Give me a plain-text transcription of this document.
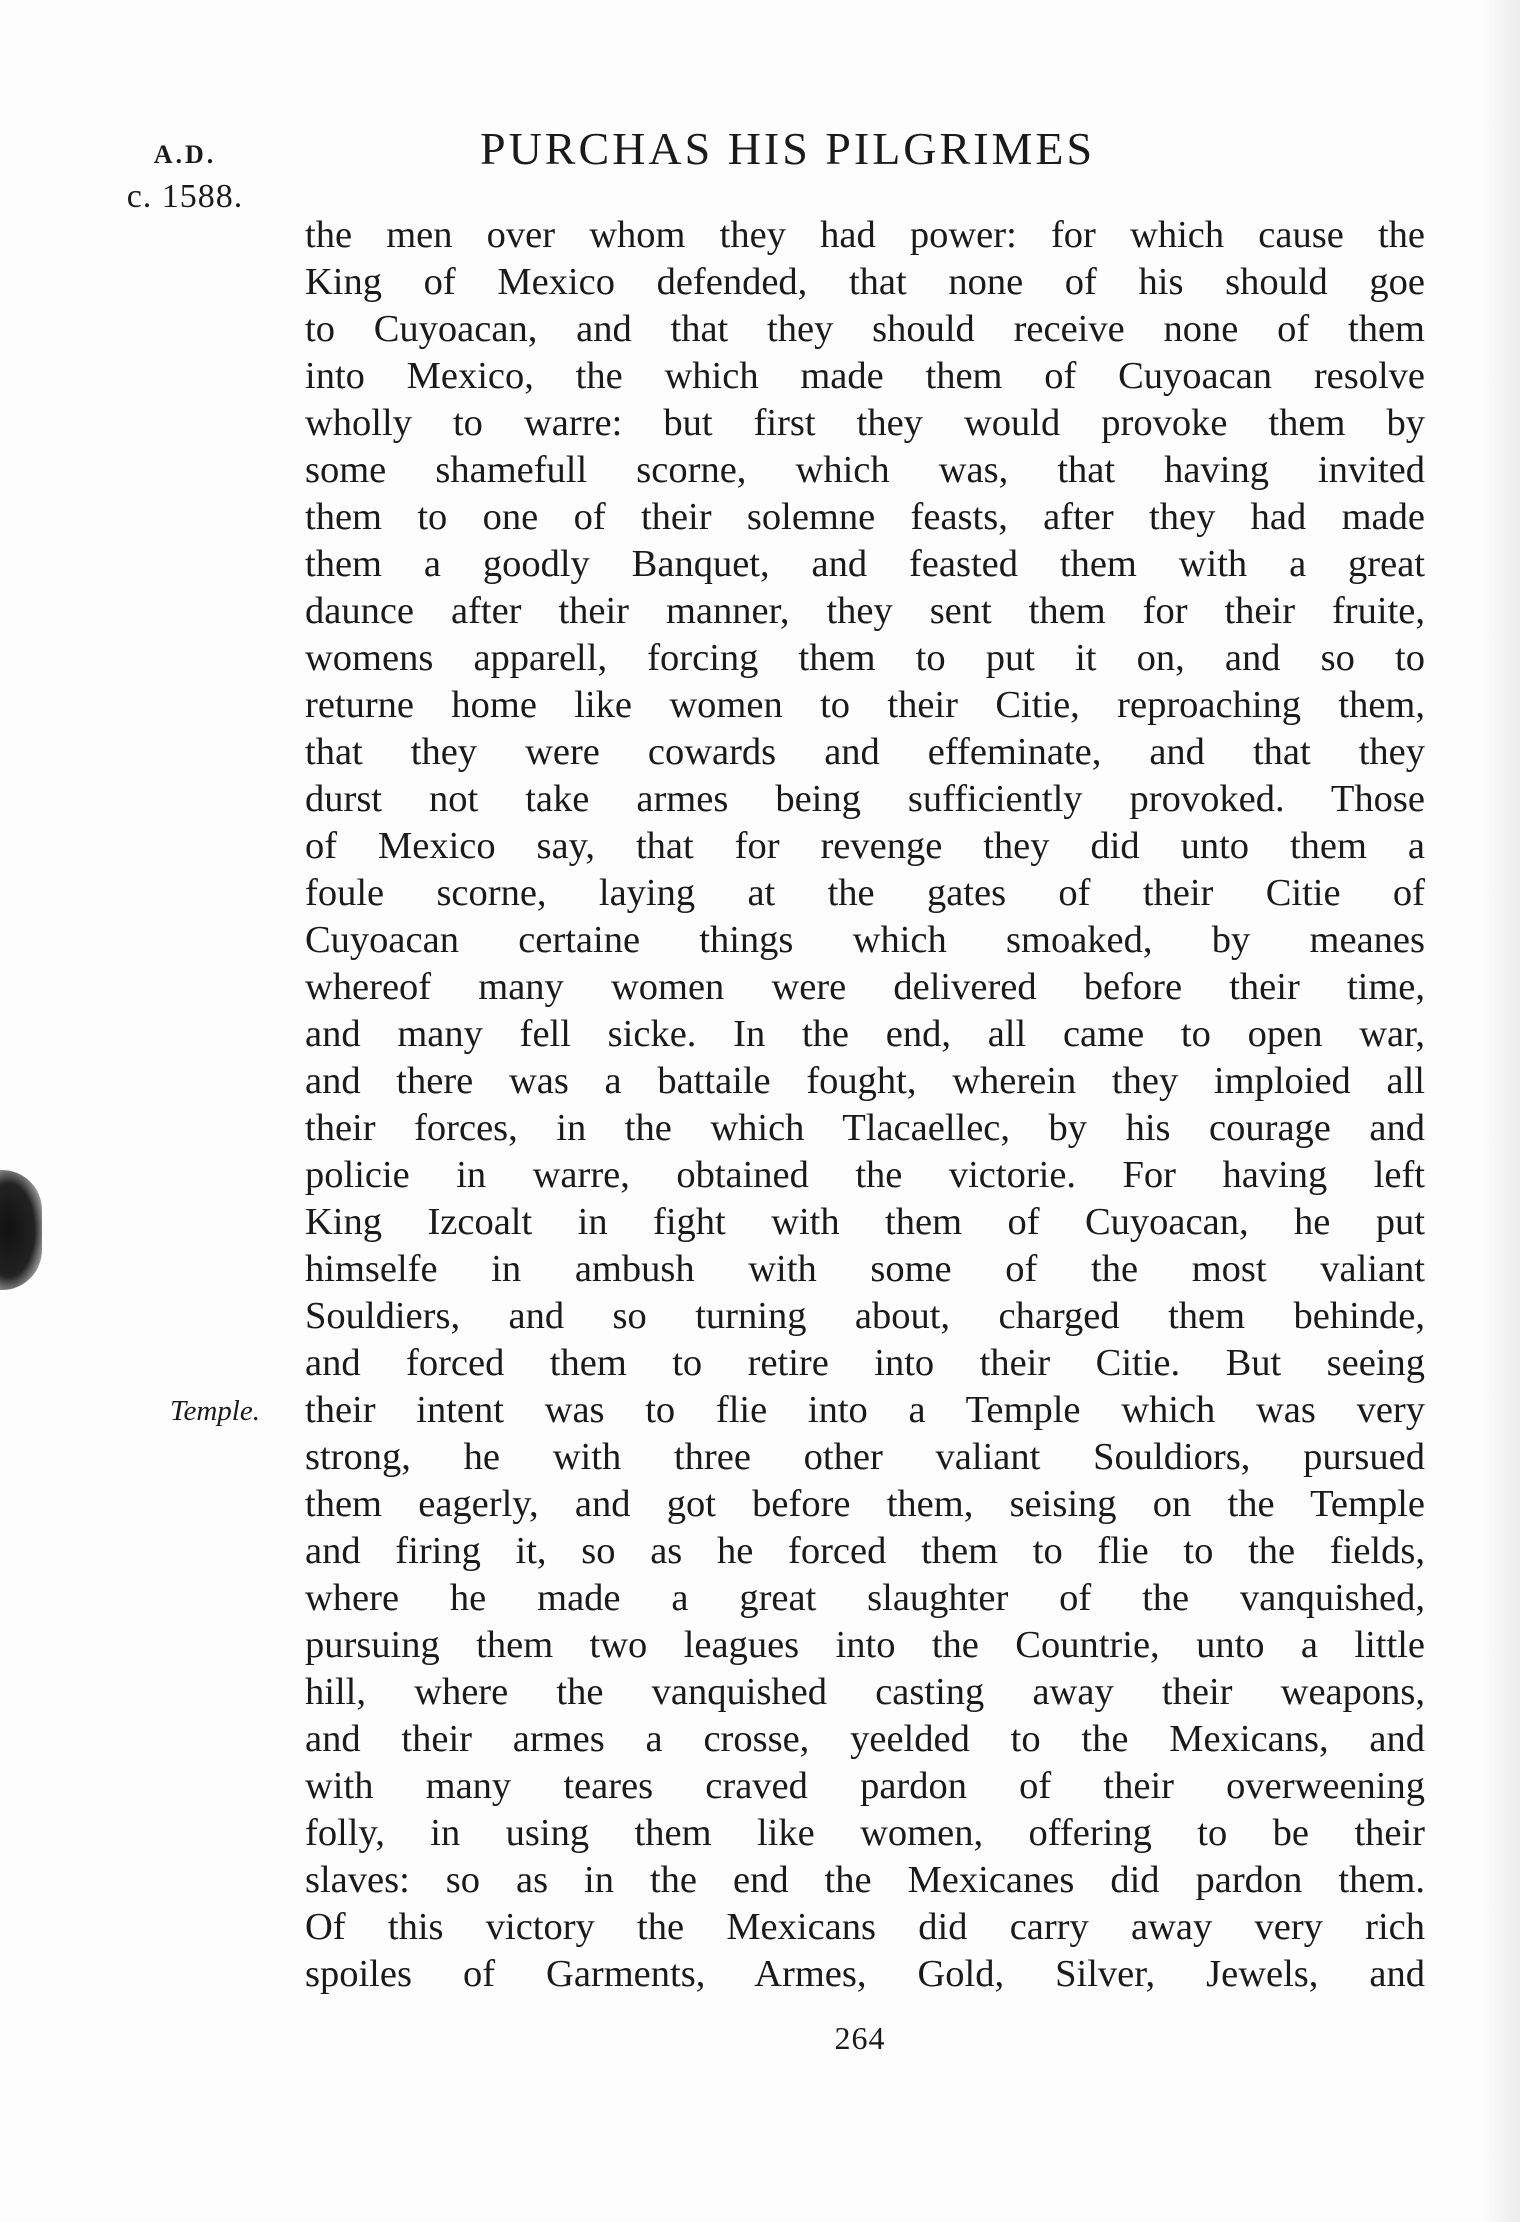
A.D.
c. 1588.
PURCHAS HIS PILGRIMES
Temple.
the men over whom they had power: for which cause the
King of Mexico defended, that none of his should goe
to Cuyoacan, and that they should receive none of them
into Mexico, the which made them of Cuyoacan resolve
wholly to warre: but first they would provoke them by
some shamefull scorne, which was, that having invited
them to one of their solemne feasts, after they had made
them a goodly Banquet, and feasted them with a great
daunce after their manner, they sent them for their fruite,
womens apparell, forcing them to put it on, and so to
returne home like women to their Citie, reproaching them,
that they were cowards and effeminate, and that they
durst not take armes being sufficiently provoked. Those
of Mexico say, that for revenge they did unto them a
foule scorne, laying at the gates of their Citie of
Cuyoacan certaine things which smoaked, by meanes
whereof many women were delivered before their time,
and many fell sicke. In the end, all came to open war,
and there was a battaile fought, wherein they imploied all
their forces, in the which Tlacaellec, by his courage and
policie in warre, obtained the victorie. For having left
King Izcoalt in fight with them of Cuyoacan, he put
himselfe in ambush with some of the most valiant
Souldiers, and so turning about, charged them behinde,
and forced them to retire into their Citie. But seeing
their intent was to flie into a Temple which was very
strong, he with three other valiant Souldiors, pursued
them eagerly, and got before them, seising on the Temple
and firing it, so as he forced them to flie to the fields,
where he made a great slaughter of the vanquished,
pursuing them two leagues into the Countrie, unto a little
hill, where the vanquished casting away their weapons,
and their armes a crosse, yeelded to the Mexicans, and
with many teares craved pardon of their overweening
folly, in using them like women, offering to be their
slaves: so as in the end the Mexicanes did pardon them.
Of this victory the Mexicans did carry away very rich
spoiles of Garments, Armes, Gold, Silver, Jewels, and
264
